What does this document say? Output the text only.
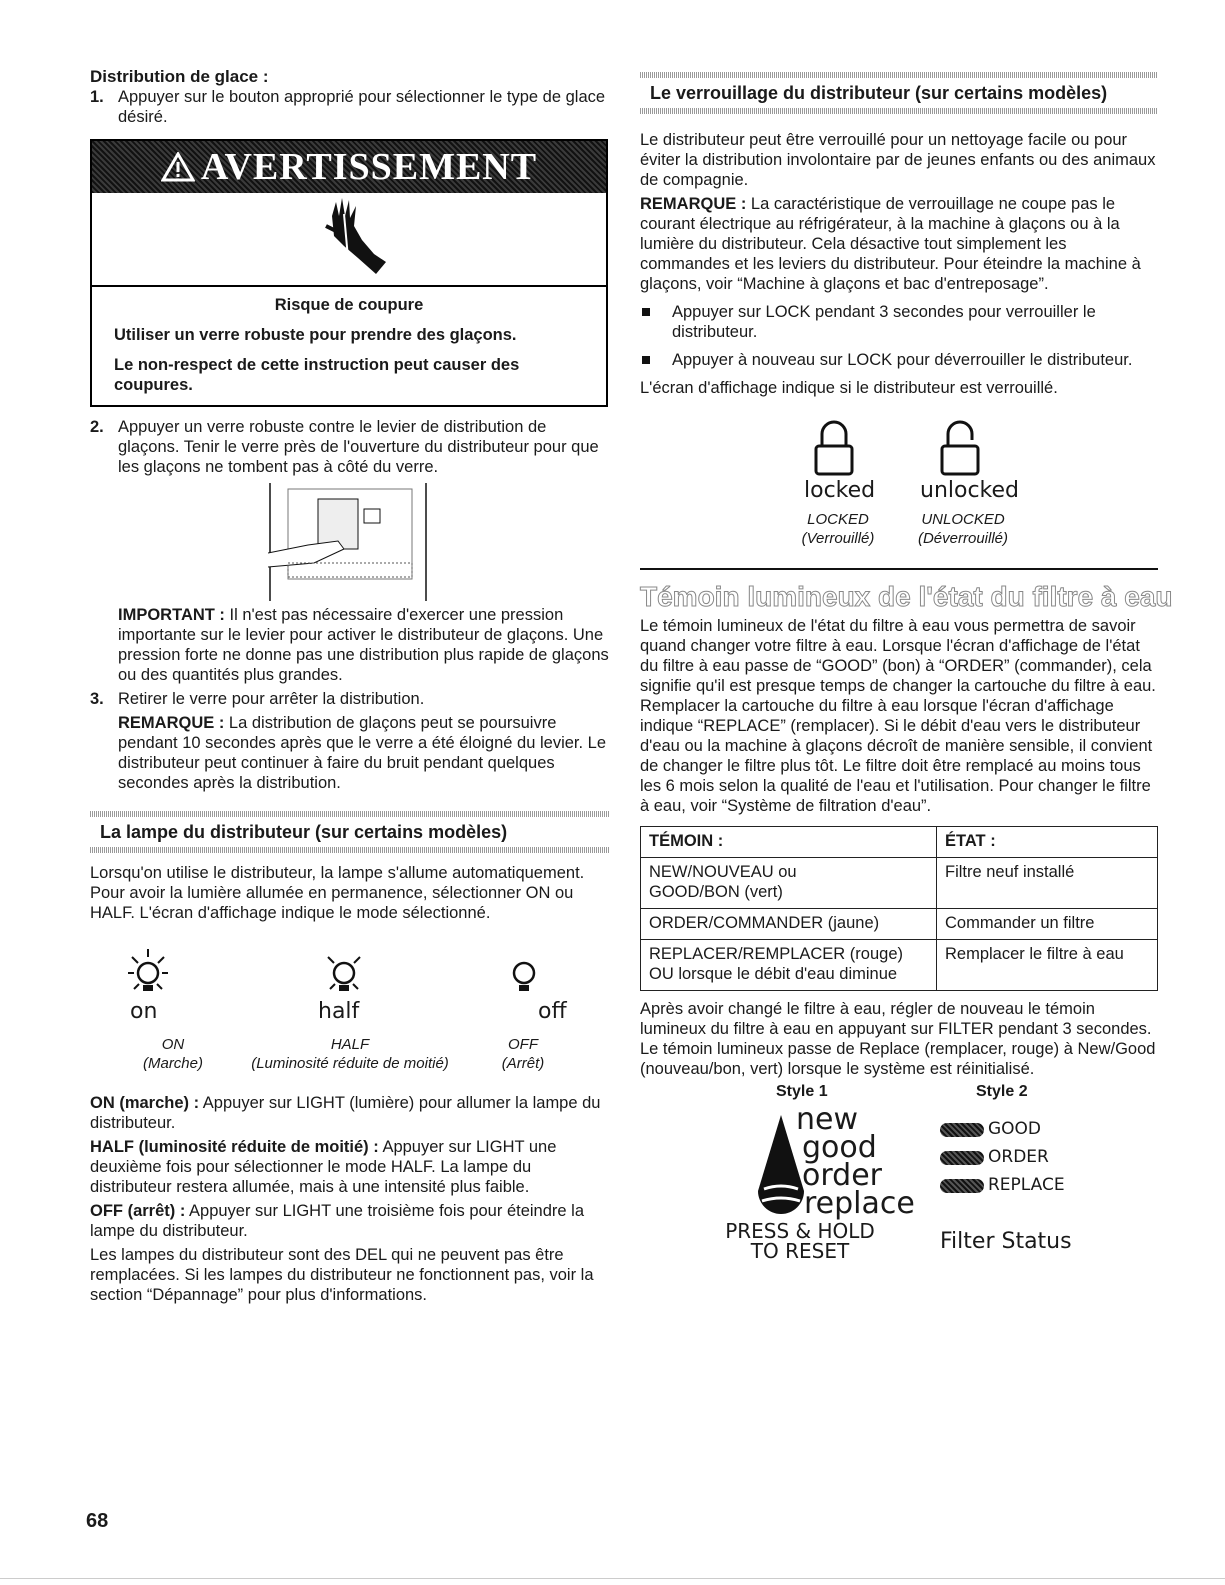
Distribution de glace :
1. Appuyer sur le bouton approprié pour sélectionner le type de glace désiré.
AVERTISSEMENT
Risque de coupure

Utiliser un verre robuste pour prendre des glaçons.

Le non-respect de cette instruction peut causer des coupures.

2. Appuyer un verre robuste contre le levier de distribution de glaçons. Tenir le verre près de l'ouverture du distributeur pour que les glaçons ne tombent pas à côté du verre.
IMPORTANT : Il n'est pas nécessaire d'exercer une pression importante sur le levier pour activer le distributeur de glaçons. Une pression forte ne donne pas une distribution plus rapide de glaçons ou des quantités plus grandes.
3. Retirer le verre pour arrêter la distribution.
REMARQUE : La distribution de glaçons peut se poursuivre pendant 10 secondes après que le verre a été éloigné du levier. Le distributeur peut continuer à faire du bruit pendant quelques secondes après la distribution.
La lampe du distributeur (sur certains modèles)
Lorsqu'on utilise le distributeur, la lampe s'allume automatiquement. Pour avoir la lumière allumée en permanence, sélectionner ON ou HALF. L'écran d'affichage indique le mode sélectionné.
on	half	off
ON
(Marche)
HALF
(Luminosité réduite de moitié)
OFF
(Arrêt)
ON (marche) : Appuyer sur LIGHT (lumière) pour allumer la lampe du distributeur.
HALF (luminosité réduite de moitié) : Appuyer sur LIGHT une deuxième fois pour sélectionner le mode HALF. La lampe du distributeur restera allumée, mais à une intensité plus faible.
OFF (arrêt) : Appuyer sur LIGHT une troisième fois pour éteindre la lampe du distributeur.
Les lampes du distributeur sont des DEL qui ne peuvent pas être remplacées. Si les lampes du distributeur ne fonctionnent pas, voir la section “Dépannage” pour plus d'informations.
Le verrouillage du distributeur (sur certains modèles)
Le distributeur peut être verrouillé pour un nettoyage facile ou pour éviter la distribution involontaire par de jeunes enfants ou des animaux de compagnie.
REMARQUE : La caractéristique de verrouillage ne coupe pas le courant électrique au réfrigérateur, à la machine à glaçons ou à la lumière du distributeur. Cela désactive tout simplement les commandes et les leviers du distributeur. Pour éteindre la machine à glaçons, voir “Machine à glaçons et bac d'entreposage”.
Appuyer sur LOCK pendant 3 secondes pour verrouiller le distributeur.
Appuyer à nouveau sur LOCK pour déverrouiller le distributeur.
L'écran d'affichage indique si le distributeur est verrouillé.
locked unlocked
LOCKED
(Verrouillé)
UNLOCKED
(Déverrouillé)
Témoin lumineux de l'état du filtre à eau
Le témoin lumineux de l'état du filtre à eau vous permettra de savoir quand changer votre filtre à eau. Lorsque l'écran d'affichage de l'état du filtre à eau passe de “GOOD” (bon) à “ORDER” (commander), cela signifie qu'il est presque temps de changer la cartouche du filtre à eau. Remplacer la cartouche du filtre à eau lorsque l'écran d'affichage indique “REPLACE” (remplacer). Si le débit d'eau vers le distributeur d'eau ou la machine à glaçons décroît de manière sensible, il convient de changer le filtre plus tôt. Le filtre doit être remplacé au moins tous les 6 mois selon la qualité de l'eau et l'utilisation. Pour changer le filtre à eau, voir “Système de filtration d'eau”.
TÉMOIN :	ÉTAT :
NEW/NOUVEAU ou GOOD/BON (vert)	Filtre neuf installé
ORDER/COMMANDER (jaune)	Commander un filtre
REPLACER/REMPLACER (rouge) OU lorsque le débit d'eau diminue	Remplacer le filtre à eau
Après avoir changé le filtre à eau, régler de nouveau le témoin lumineux du filtre à eau en appuyant sur FILTER pendant 3 secondes. Le témoin lumineux passe de Replace (remplacer, rouge) à New/Good (nouveau/bon, vert) lorsque le système est réinitialisé.
Style 1	Style 2
new
good
order
replace
PRESS & HOLD
TO RESET
GOOD
ORDER
REPLACE
Filter Status
68
